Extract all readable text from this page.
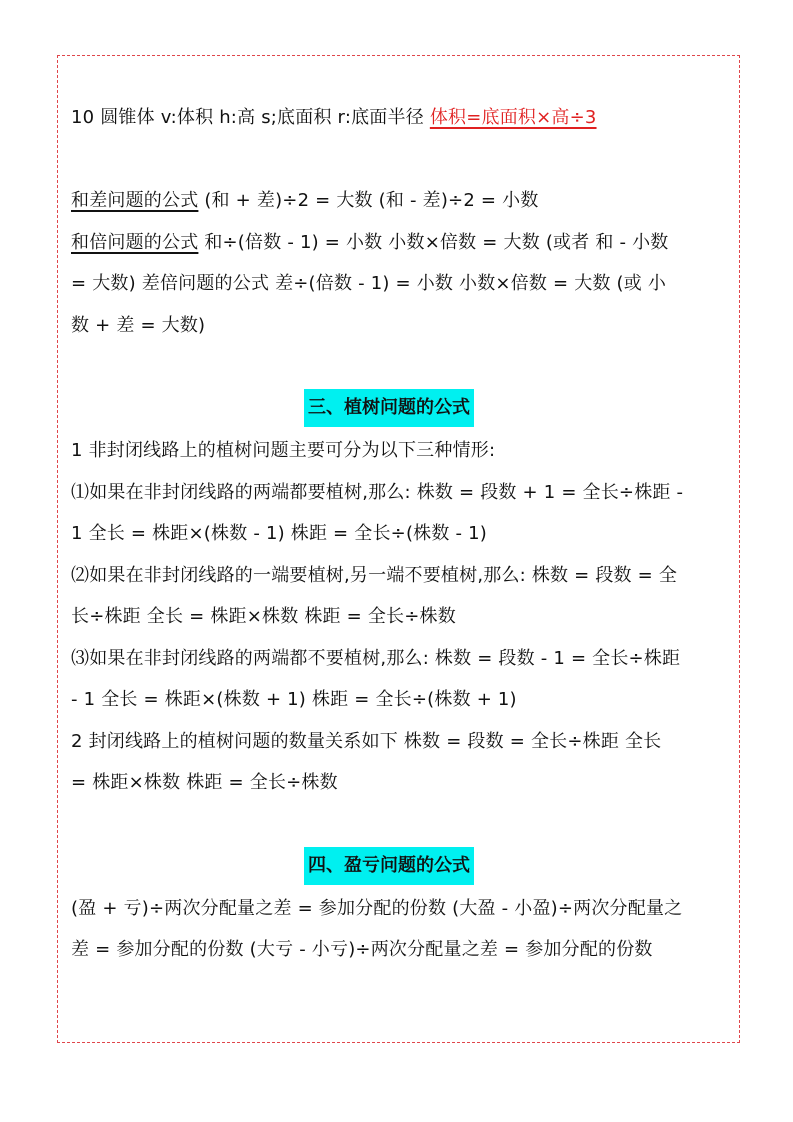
10 圆锥体 v:体积 h:高 s;底面积 r:底面半径 体积=底面积×高÷3
和差问题的公式 (和 + 差)÷2 = 大数 (和 - 差)÷2 = 小数
和倍问题的公式 和÷(倍数 - 1) = 小数 小数×倍数 = 大数 (或者 和 - 小数
= 大数) 差倍问题的公式 差÷(倍数 - 1) = 小数 小数×倍数 = 大数 (或 小
数 + 差 = 大数)
三、植树问题的公式
1 非封闭线路上的植树问题主要可分为以下三种情形:
⑴如果在非封闭线路的两端都要植树,那么: 株数 = 段数 + 1 = 全长÷株距 -
1 全长 = 株距×(株数 - 1) 株距 = 全长÷(株数 - 1)
⑵如果在非封闭线路的一端要植树,另一端不要植树,那么: 株数 = 段数 = 全
长÷株距 全长 = 株距×株数 株距 = 全长÷株数
⑶如果在非封闭线路的两端都不要植树,那么: 株数 = 段数 - 1 = 全长÷株距
- 1 全长 = 株距×(株数 + 1) 株距 = 全长÷(株数 + 1)
2 封闭线路上的植树问题的数量关系如下 株数 = 段数 = 全长÷株距 全长
= 株距×株数 株距 = 全长÷株数
四、盈亏问题的公式
(盈 + 亏)÷两次分配量之差 = 参加分配的份数 (大盈 - 小盈)÷两次分配量之
差 = 参加分配的份数 (大亏 - 小亏)÷两次分配量之差 = 参加分配的份数
